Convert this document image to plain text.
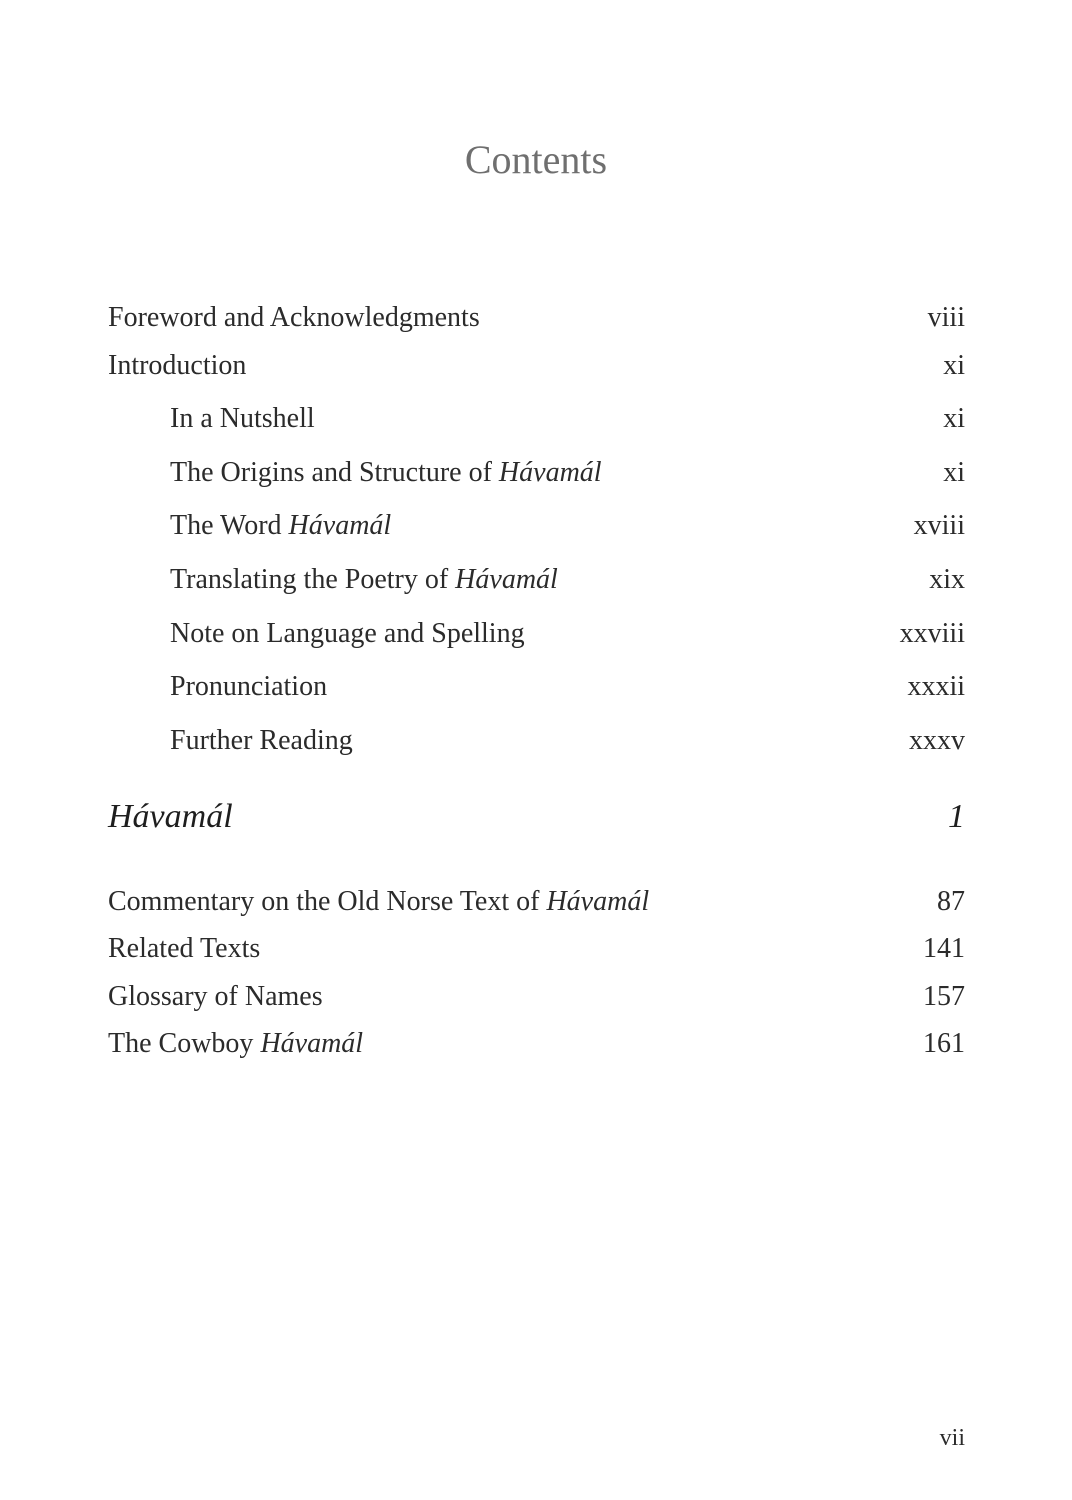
Contents
Foreword and Acknowledgments	viii
Introduction	xi
In a Nutshell	xi
The Origins and Structure of Hávamál	xi
The Word Hávamál	xviii
Translating the Poetry of Hávamál	xix
Note on Language and Spelling	xxviii
Pronunciation	xxxii
Further Reading	xxxv
Hávamál	1
Commentary on the Old Norse Text of Hávamál	87
Related Texts	141
Glossary of Names	157
The Cowboy Hávamál	161
vii
